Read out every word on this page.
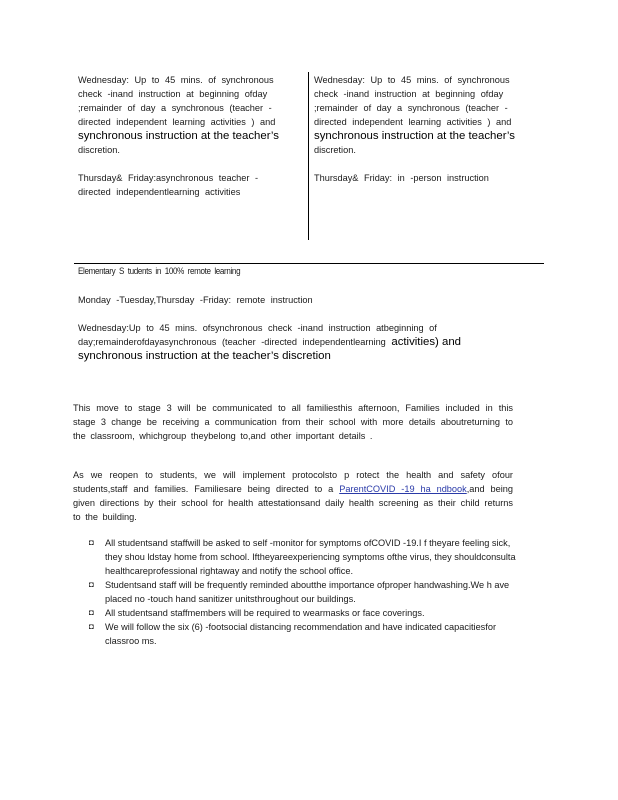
Wednesday: Up to 45 mins. of synchronous check -inand instruction at beginning ofday ;remainder of day a synchronous (teacher -directed independent learning activities ) and synchronous instruction at the teacher’s discretion.

Thursday& Friday:asynchronous teacher -directed independentlearning activities

Wednesday: Up to 45 mins. of synchronous check -inand instruction at beginning ofday ;remainder of day a synchronous (teacher -directed independent learning activities ) and synchronous instruction at the teacher’s discretion.

Thursday& Friday: in -person instruction

Elementary S tudents in 100% remote learning
Monday -Tuesday,Thursday -Friday: remote instruction
Wednesday:Up to 45 mins. ofsynchronous check -inand instruction atbeginning of day;remainderofdayasynchronous (teacher -directed independentlearning activities) and synchronous instruction at the teacher’s discretion
This move to stage 3 will be communicated to all familiesthis afternoon, Families included in this stage 3 change be receiving a communication from their school with more details aboutreturning to the classroom, whichgroup theybelong to,and other important details .
As we reopen to students, we will implement protocolsto p rotect the health and safety ofour students,staff and families. Familiesare being directed to a ParentCOVID -19 ha ndbook,and being given directions by their school for health attestationsand daily health screening as their child returns to the building.
◘ All studentsand staffwill be asked to self -monitor for symptoms ofCOVID -19.I f theyare feeling sick, they shou ldstay home from school. Iftheyareexperiencing symptoms ofthe virus, they shouldconsulta healthcareprofessional rightaway and notify the school office.
◘ Studentsand staff will be frequently reminded aboutthe importance ofproper handwashing.We h ave placed no -touch hand sanitizer unitsthroughout our buildings.
◘ All studentsand staffmembers will be required to wearmasks or face coverings.
◘ We will follow the six (6) -footsocial distancing recommendation and have indicated capacitiesfor classroo ms.
